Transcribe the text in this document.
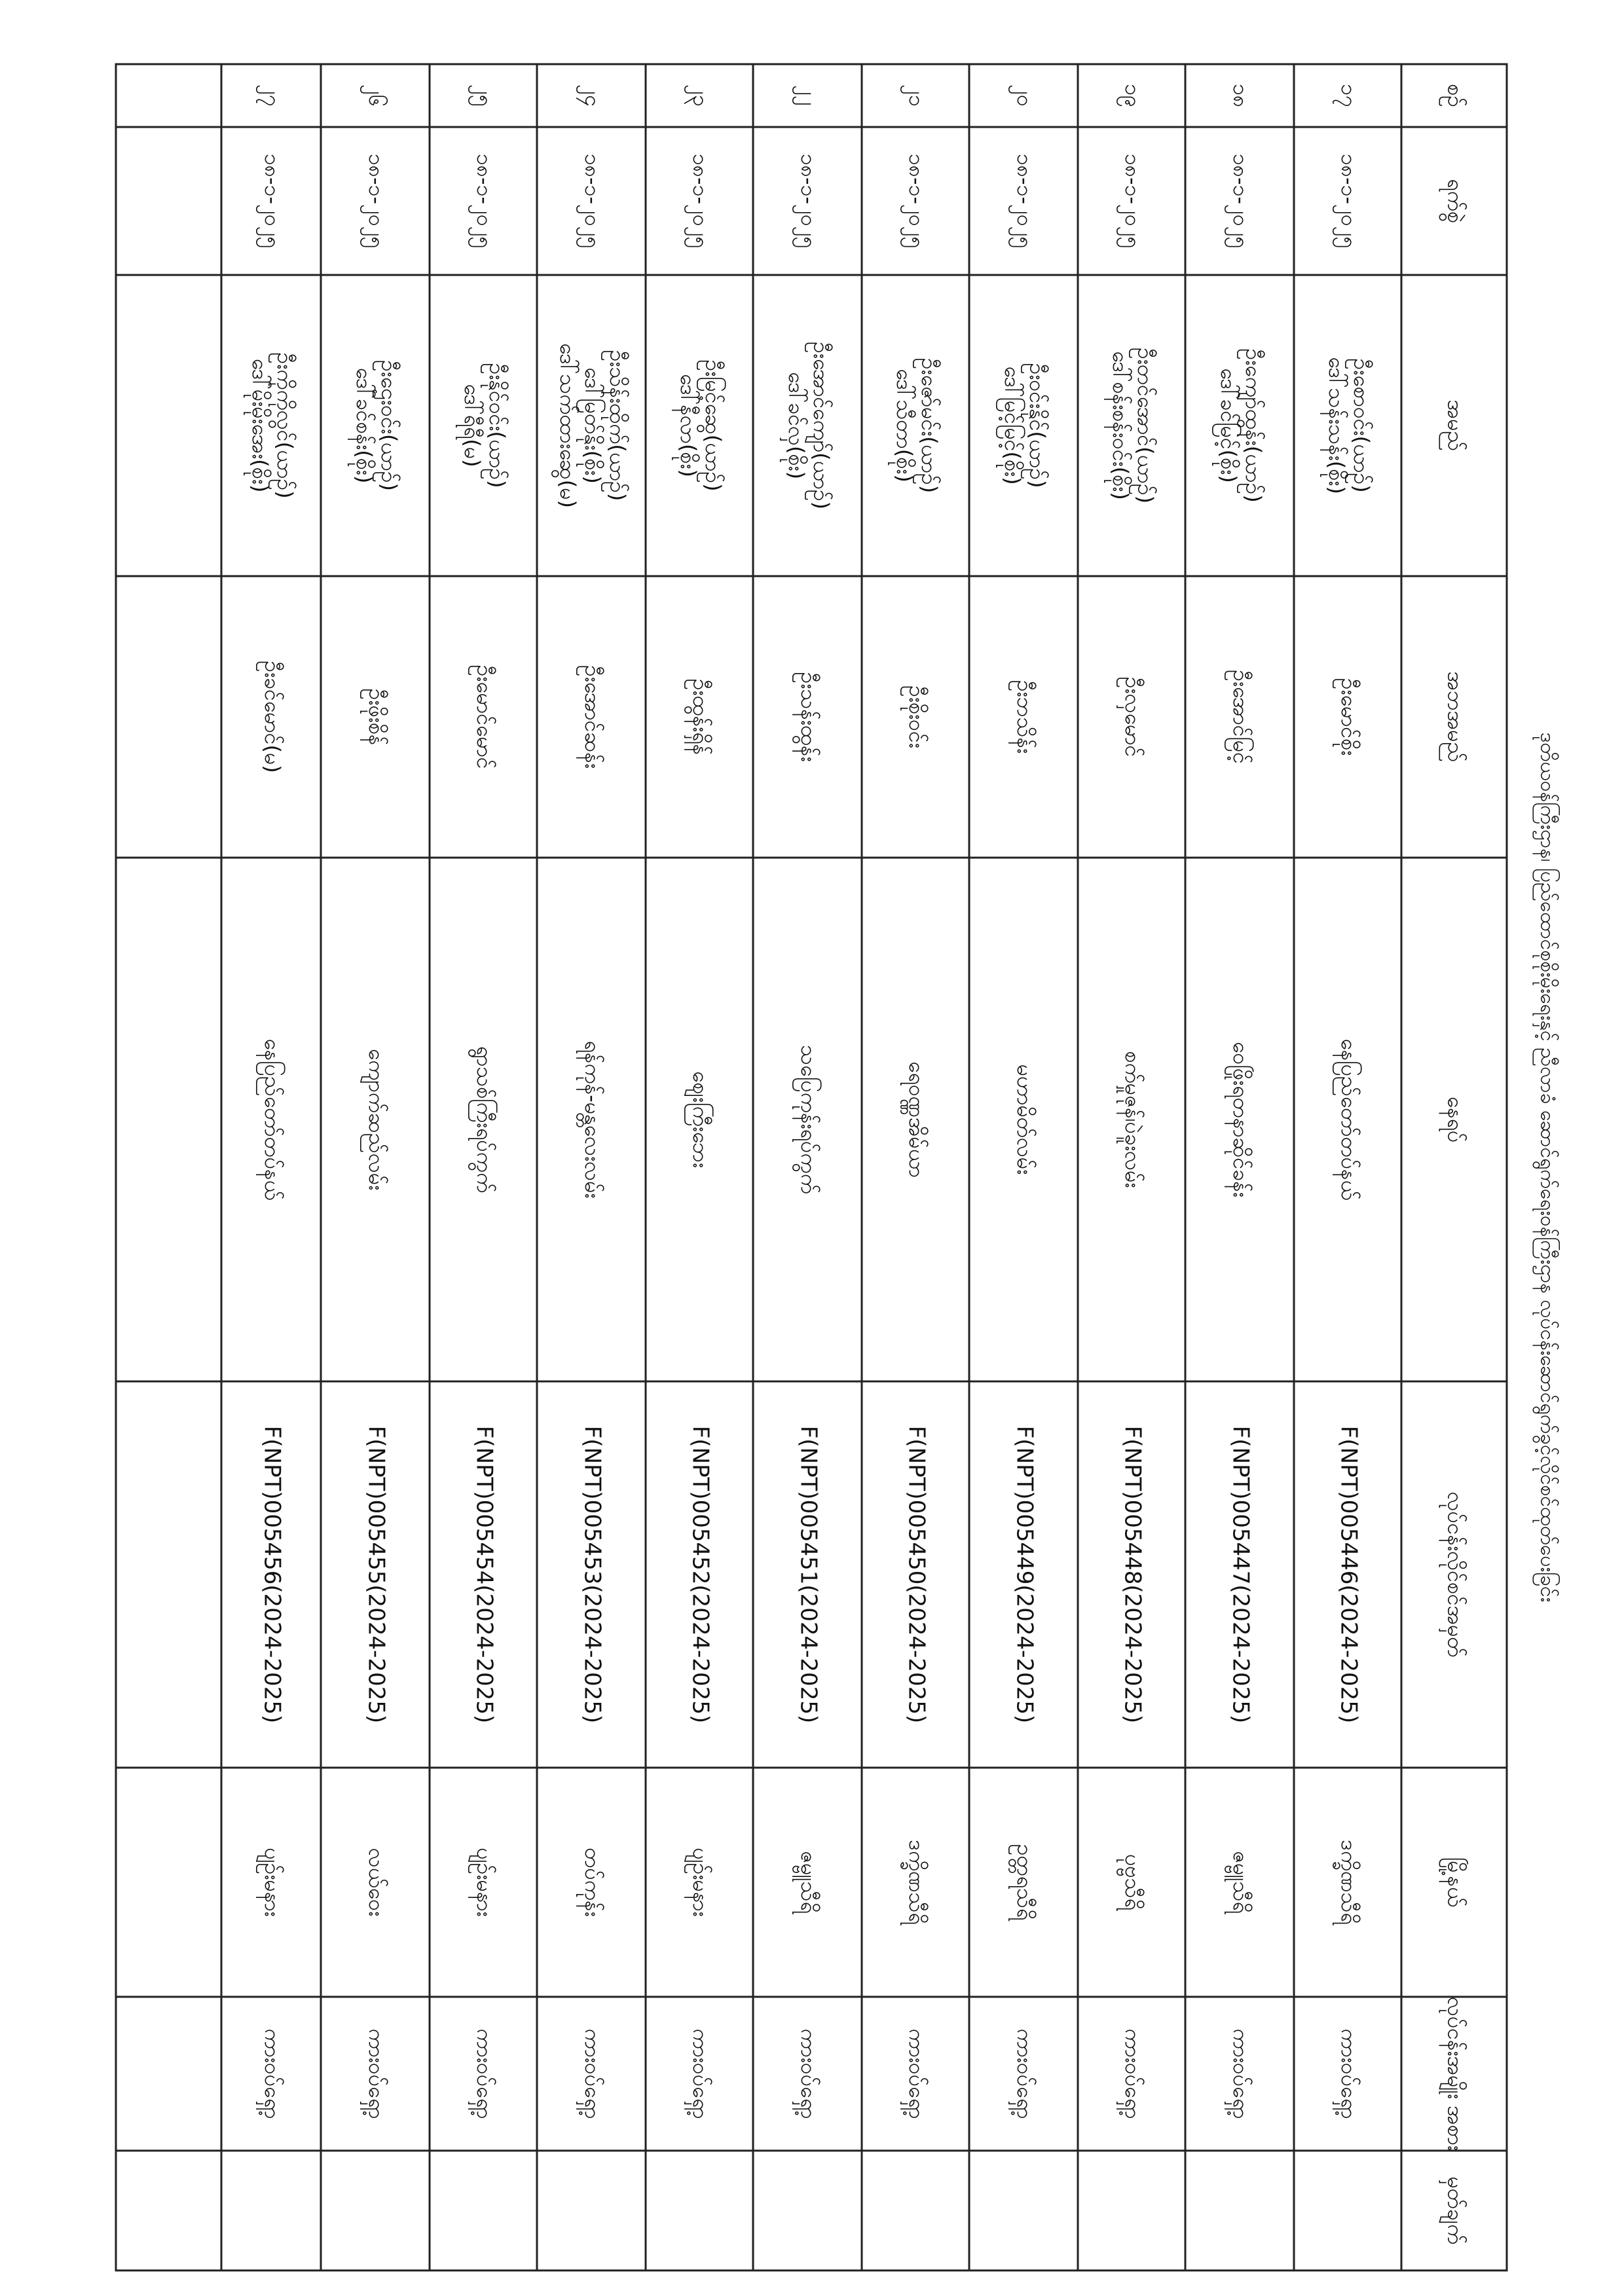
ဒုတိယဝန်ကြီးဌာန၊ ပြည်ထောင်စုစိုးမိုးရေးနှင့် ညီလာခံ ဆောင်ရွက်ရေးဝန်ကြီးဌာန လုပ်ငန်းဆောင်ရွက်ခွင့်လိုင်စင်ထုတ်ပေးခြင်း
စဉ်
ရက်စွဲ
အမည်
အဘအမည်
နေရပ်
လုပ်ငန်းလိုင်စင်အမှတ်
မြို့နယ်
လုပ်ငန်းအမျိုး အစား
မှတ်ချက်
၁၇
၁၈-၁-၂၀၂၅
ဦးစောဝင်း(ယာဉ်)
ဒေါ်သန်းသန်း(စိုး)
ဦးမောင်စိုး
နေပြည်တော်တပ်နယ်
F(NPT)005446(2024-2025)
ဒက္ခိဏသီရိ
ကားဝပ်ရှော့
၁၈
၁၈-၁-၂၀၂၅
ဦးကျော်ထွန်း(ယာဉ်)
ဒေါ်ခင်မြင့်(စိုး)
ဦးအောင်မြင့်
ဝေဖြိုးရတနာဆိုင်ခန်း
F(NPT)005447(2024-2025)
ဇမ္ဗူသီရိ
ကားဝပ်ရှော့
၁၉
၁၈-၁-၂၀၂၅
ဦးတင်အောင်(ယာဉ်)
ဒေါ်စန်းစန်းဝင်း(စိုး)
ဦးလှမောင်
စက်မှုဇုန်၊ပဲခူးလမ်း
F(NPT)005448(2024-2025)
ပုဗ္ဗသီရိ
ကားဝပ်ရှော့
၂၀
၁၈-၁-၂၀၂၅
ဦးဝင်းနိုင်(ယာဉ်)
ဒေါ်မြင့်မြင့်(စိုး)
ဦးဘသိန်း
မဟာမိတ်လမ်း
F(NPT)005449(2024-2025)
ဥတ္တရသီရိ
ကားဝပ်ရှော့
၂၁
၁၈-၁-၂၀၂၅
ဦးဇော်မင်း(ယာဉ်)
ဒေါ်သီတာ(စိုး)
ဦးစိုးဝင်း
ရေဝဏ္ဏအိမ်ယာ
F(NPT)005450(2024-2025)
ဒက္ခိဏသီရိ
ကားဝပ်ရှော့
၂၂
၁၈-၁-၂၀၂၅
ဦးအောင်ကျော်(ယာဉ်)
ဒေါ်ခင်လှ(စိုး)
ဦးသန်းထွန်း
သပြေကုန်းရပ်ကွက်
F(NPT)005451(2024-2025)
ဇမ္ဗူသီရိ
ကားဝပ်ရှော့
၂၃
၁၈-၁-၂၀၂၅
ဦးမြင့်ဆွေ(ယာဉ်)
ဒေါ်နီလာ(စိုး)
ဦးထွန်းရှိန်
ဈေးကြီးဘေး
F(NPT)005452(2024-2025)
ပျဉ်းမနား
ကားဝပ်ရှော့
၂၄
၁၈-၁-၂၀၂၅
ဦးသိန်းထိုက်(ယာဉ်)
ဒေါ်မြတ်နိုး(စိုး)
ဒေါ်သက်ထားဆွေ(မ)
ဦးအောင်ဆန်း
ရန်ကုန်-မန္တလေးလမ်း
F(NPT)005453(2024-2025)
တပ်ကုန်း
ကားဝပ်ရှော့
၂၅
၁၈-၁-၂၀၂၅
ဦးနိုင်ဝင်း(ယာဉ်)
ဒေါ်ရီရီ(မ)
ဦးမောင်မောင်
ရွာသစ်ကြီးရပ်ကွက်
F(NPT)005454(2024-2025)
ပျဉ်းမနား
ကားဝပ်ရှော့
၂၆
၁၈-၁-၂၀၂၅
ဦးဌေးဝင်း(ယာဉ်)
ဒေါ်ခင်စန်း(စိုး)
ဦးဖိုးစိန်
ကျောက်ဆည်လမ်း
F(NPT)005455(2024-2025)
လယ်ဝေး
ကားဝပ်ရှော့
၂၇
၁၈-၁-၂၀၂၅
ဦးကိုကိုလွင်(ယာဉ်)
ဒေါ်မိုးမိုးအေး(စိုး)
ဦးခင်မောင်(မ)
နေပြည်တော်တပ်နယ်
F(NPT)005456(2024-2025)
ပျဉ်းမနား
ကားဝပ်ရှော့
